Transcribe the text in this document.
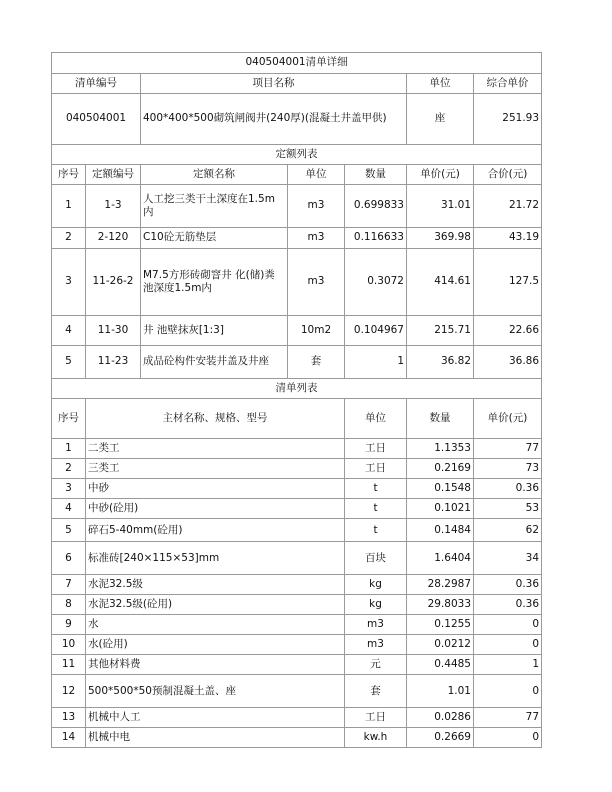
040504001清单详细							
清单编号		项目名称			单位	综合单价	
040504001		400*400*500砌筑闸阀井(240厚)(混凝土井盖甲供)			座	251.93	
定额列表							
序号	定额编号	定额名称	单位	数量	单价(元)	合价(元)	
1	1-3	人工挖三类干土深度在1.5m内	m3	0.699833	31.01	21.72	
2	2-120	C10砼无筋垫层	m3	0.116633	369.98	43.19	
3	11-26-2	M7.5方形砖砌窨井 化(储)粪池深度1.5m内	m3	0.3072	414.61	127.5	
4	11-30	井 池壁抹灰[1:3]	10m2	0.104967	215.71	22.66	
5	11-23	成品砼构件安装井盖及井座	套	1	36.82	36.86	
清单列表							
序号	主材名称、规格、型号			单位	数量	单价(元)	
1	二类工			工日	1.1353	77	
2	三类工			工日	0.2169	73	
3	中砂			t	0.1548	0.36	
4	中砂(砼用)			t	0.1021	53	
5	碎石5-40mm(砼用)			t	0.1484	62	
6	标准砖[240×115×53]mm			百块	1.6404	34	
7	水泥32.5级			kg	28.2987	0.36	
8	水泥32.5级(砼用)			kg	29.8033	0.36	
9	水			m3	0.1255	0	
10	水(砼用)			m3	0.0212	0	
11	其他材料费			元	0.4485	1	
12	500*500*50预制混凝土盖、座			套	1.01	0	
13	机械中人工			工日	0.0286	77	
14	机械中电			kw.h	0.2669	0	
